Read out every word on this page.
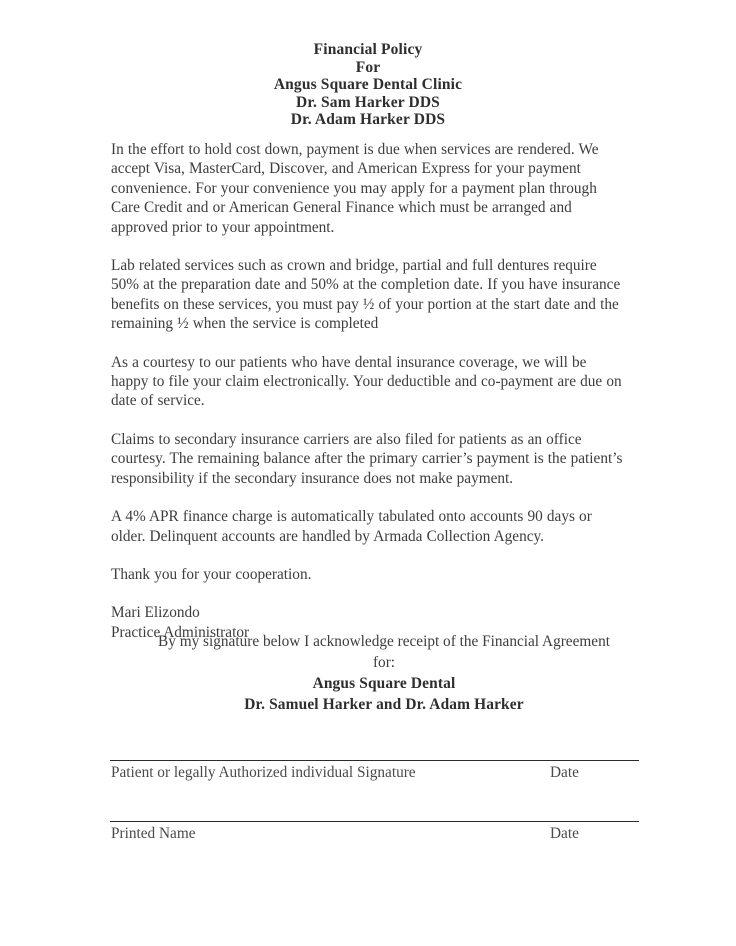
Financial Policy
For
Angus Square Dental Clinic
Dr. Sam Harker DDS
Dr. Adam Harker DDS

In the effort to hold cost down, payment is due when services are rendered. We accept Visa, MasterCard, Discover, and American Express for your payment convenience. For your convenience you may apply for a payment plan through Care Credit and or American General Finance which must be arranged and approved prior to your appointment.

Lab related services such as crown and bridge, partial and full dentures require 50% at the preparation date and 50% at the completion date. If you have insurance benefits on these services, you must pay ½ of your portion at the start date and the remaining ½ when the service is completed

As a courtesy to our patients who have dental insurance coverage, we will be happy to file your claim electronically. Your deductible and co-payment are due on date of service.

Claims to secondary insurance carriers are also filed for patients as an office courtesy. The remaining balance after the primary carrier’s payment is the patient’s responsibility if the secondary insurance does not make payment.

A 4% APR finance charge is automatically tabulated onto accounts 90 days or older. Delinquent accounts are handled by Armada Collection Agency.

Thank you for your cooperation.

Mari Elizondo

Practice Administrator

By my signature below I acknowledge receipt of the Financial Agreement
for:
Angus Square Dental
Dr. Samuel Harker and Dr. Adam Harker
Patient or legally Authorized individual Signature	Date
Printed Name	Date
